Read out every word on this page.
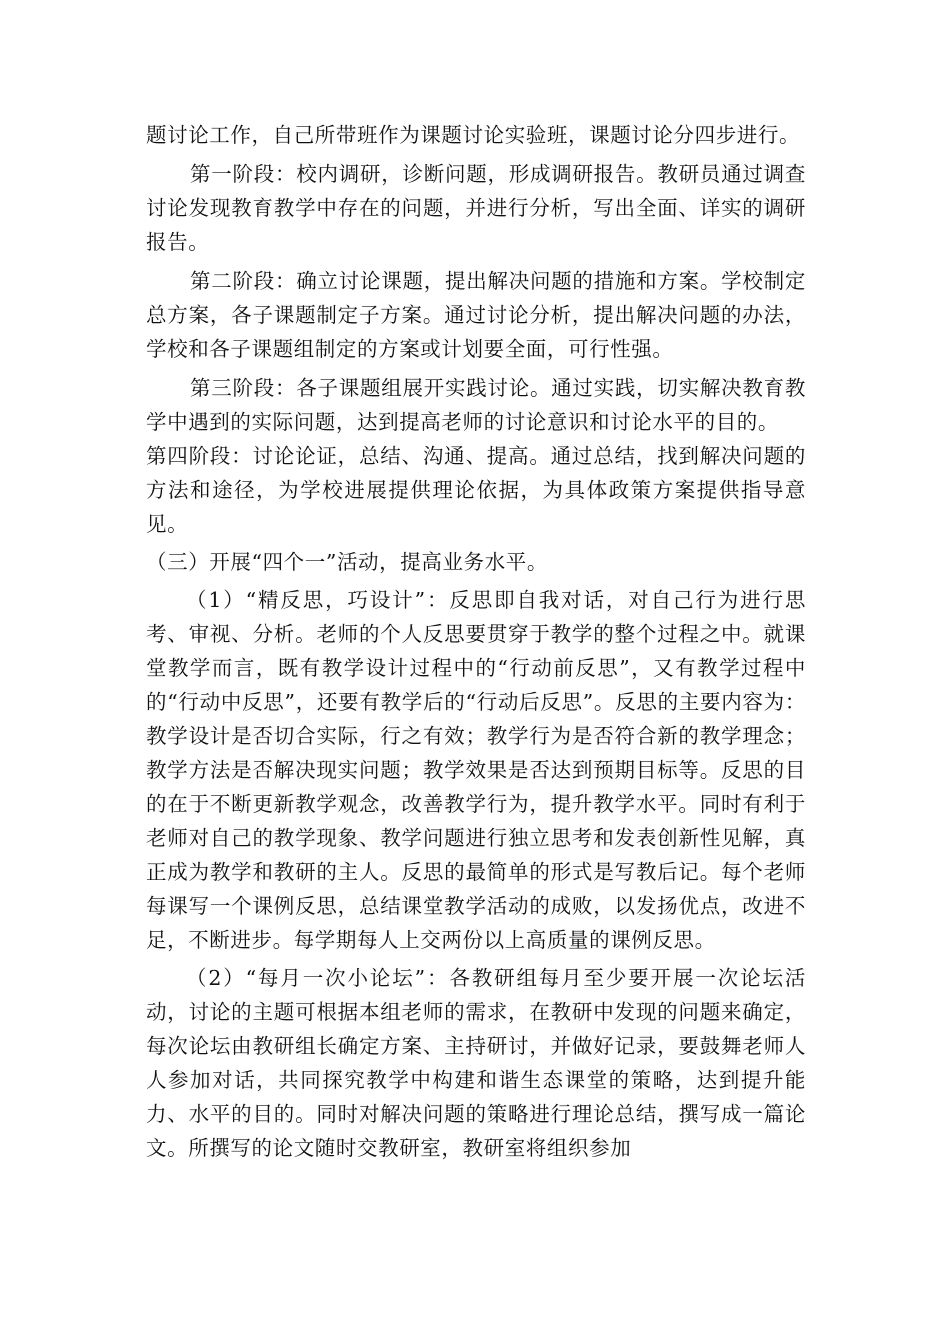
题讨论工作，自己所带班作为课题讨论实验班，课题讨论分四步进行。

第一阶段：校内调研，诊断问题，形成调研报告。教研员通过调查讨论发现教育教学中存在的问题，并进行分析，写出全面、详实的调研报告。

第二阶段：确立讨论课题，提出解决问题的措施和方案。学校制定总方案，各子课题制定子方案。通过讨论分析，提出解决问题的办法，学校和各子课题组制定的方案或计划要全面，可行性强。

第三阶段：各子课题组展开实践讨论。通过实践，切实解决教育教学中遇到的实际问题，达到提高老师的讨论意识和讨论水平的目的。

第四阶段：讨论论证，总结、沟通、提高。通过总结，找到解决问题的方法和途径，为学校进展提供理论依据，为具体政策方案提供指导意见。

（三）开展“四个一”活动，提高业务水平。

（1）“精反思，巧设计”：反思即自我对话，对自己行为进行思考、审视、分析。老师的个人反思要贯穿于教学的整个过程之中。就课堂教学而言，既有教学设计过程中的“行动前反思”，又有教学过程中的“行动中反思”，还要有教学后的“行动后反思”。反思的主要内容为：教学设计是否切合实际，行之有效；教学行为是否符合新的教学理念；教学方法是否解决现实问题；教学效果是否达到预期目标等。反思的目的在于不断更新教学观念，改善教学行为，提升教学水平。同时有利于老师对自己的教学现象、教学问题进行独立思考和发表创新性见解，真正成为教学和教研的主人。反思的最简单的形式是写教后记。每个老师每课写一个课例反思，总结课堂教学活动的成败，以发扬优点，改进不足，不断进步。每学期每人上交两份以上高质量的课例反思。

（2）“每月一次小论坛”：各教研组每月至少要开展一次论坛活动，讨论的主题可根据本组老师的需求，在教研中发现的问题来确定，每次论坛由教研组长确定方案、主持研讨，并做好记录，要鼓舞老师人人参加对话，共同探究教学中构建和谐生态课堂的策略，达到提升能力、水平的目的。同时对解决问题的策略进行理论总结，撰写成一篇论文。所撰写的论文随时交教研室，教研室将组织参加
